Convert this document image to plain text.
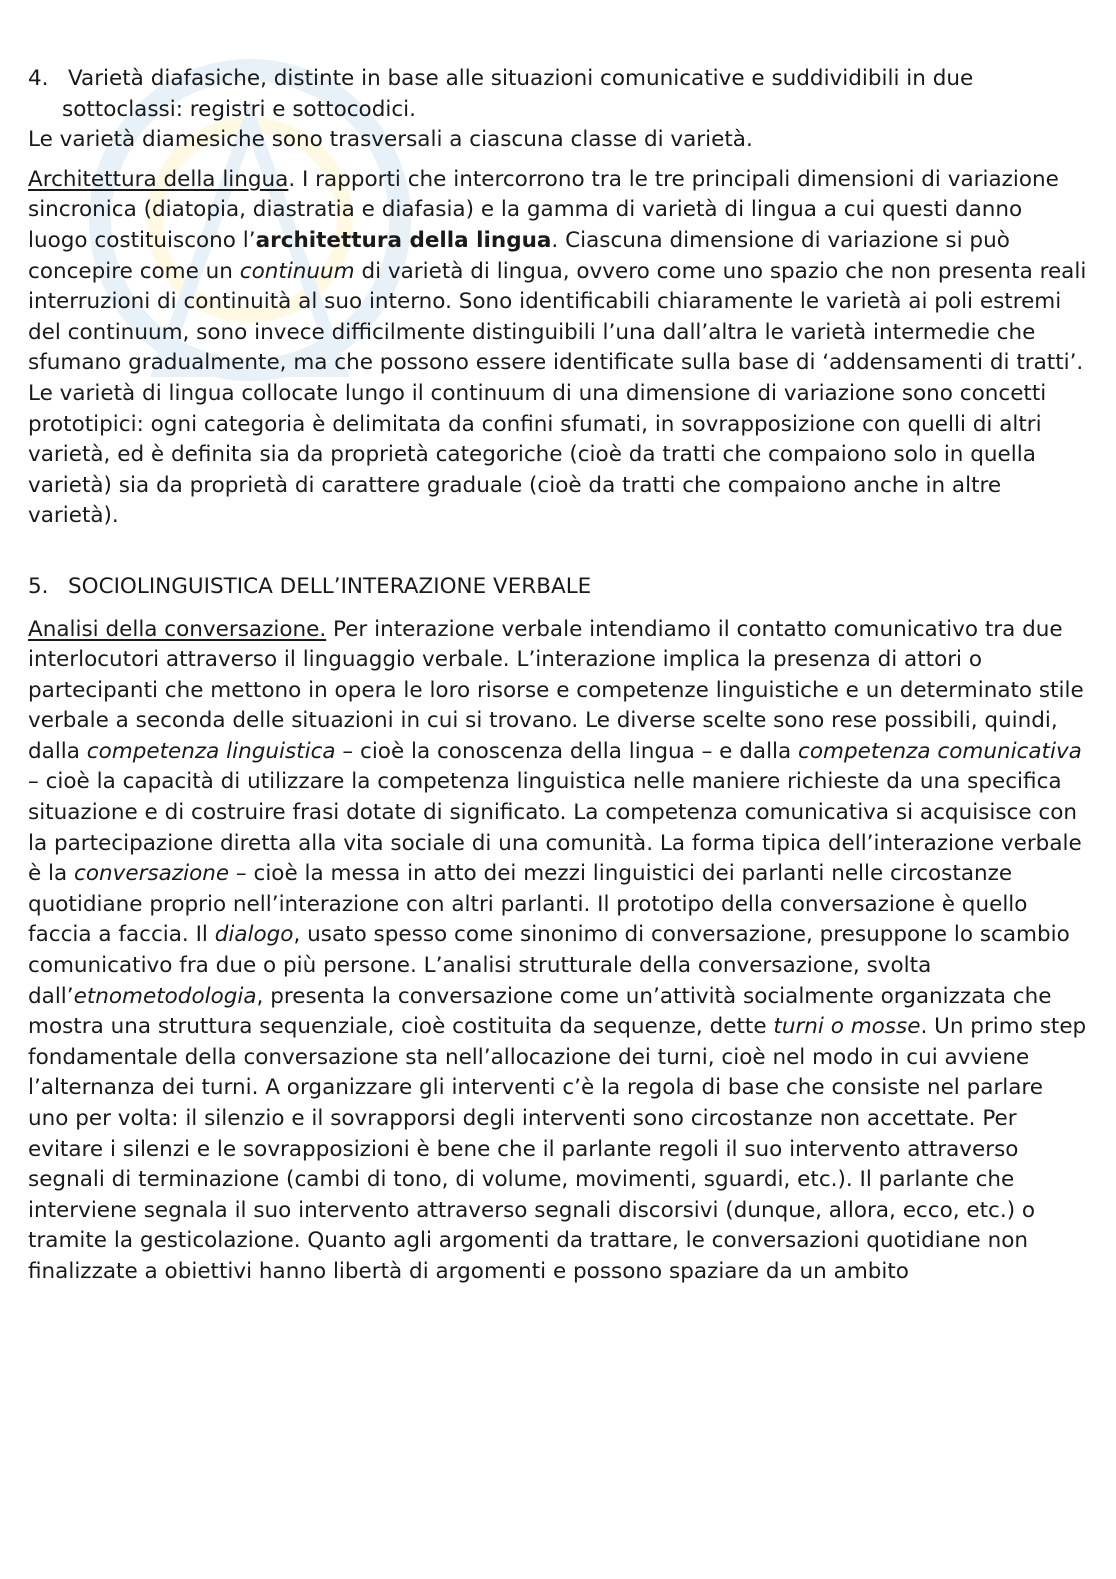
4. Varietà diafasiche, distinte in base alle situazioni comunicative e suddividibili in due sottoclassi: registri e sottocodici.

Le varietà diamesiche sono trasversali a ciascuna classe di varietà.

Architettura della lingua. I rapporti che intercorrono tra le tre principali dimensioni di variazione sincronica (diatopia, diastratia e diafasia) e la gamma di varietà di lingua a cui questi danno luogo costituiscono l’architettura della lingua. Ciascuna dimensione di variazione si può concepire come un continuum di varietà di lingua, ovvero come uno spazio che non presenta reali interruzioni di continuità al suo interno. Sono identificabili chiaramente le varietà ai poli estremi del continuum, sono invece difficilmente distinguibili l’una dall’altra le varietà intermedie che sfumano gradualmente, ma che possono essere identificate sulla base di ‘addensamenti di tratti’.

Le varietà di lingua collocate lungo il continuum di una dimensione di variazione sono concetti prototipici: ogni categoria è delimitata da confini sfumati, in sovrapposizione con quelli di altri varietà, ed è definita sia da proprietà categoriche (cioè da tratti che compaiono solo in quella varietà) sia da proprietà di carattere graduale (cioè da tratti che compaiono anche in altre varietà).

5. SOCIOLINGUISTICA DELL’INTERAZIONE VERBALE

Analisi della conversazione. Per interazione verbale intendiamo il contatto comunicativo tra due interlocutori attraverso il linguaggio verbale. L’interazione implica la presenza di attori o partecipanti che mettono in opera le loro risorse e competenze linguistiche e un determinato stile verbale a seconda delle situazioni in cui si trovano. Le diverse scelte sono rese possibili, quindi, dalla competenza linguistica – cioè la conoscenza della lingua – e dalla competenza comunicativa – cioè la capacità di utilizzare la competenza linguistica nelle maniere richieste da una specifica situazione e di costruire frasi dotate di significato. La competenza comunicativa si acquisisce con la partecipazione diretta alla vita sociale di una comunità. La forma tipica dell’interazione verbale è la conversazione – cioè la messa in atto dei mezzi linguistici dei parlanti nelle circostanze quotidiane proprio nell’interazione con altri parlanti. Il prototipo della conversazione è quello faccia a faccia. Il dialogo, usato spesso come sinonimo di conversazione, presuppone lo scambio comunicativo fra due o più persone. L’analisi strutturale della conversazione, svolta dall’etnometodologia, presenta la conversazione come un’attività socialmente organizzata che mostra una struttura sequenziale, cioè costituita da sequenze, dette turni o mosse. Un primo step fondamentale della conversazione sta nell’allocazione dei turni, cioè nel modo in cui avviene l’alternanza dei turni. A organizzare gli interventi c’è la regola di base che consiste nel parlare uno per volta: il silenzio e il sovrapporsi degli interventi sono circostanze non accettate. Per evitare i silenzi e le sovrapposizioni è bene che il parlante regoli il suo intervento attraverso segnali di terminazione (cambi di tono, di volume, movimenti, sguardi, etc.). Il parlante che interviene segnala il suo intervento attraverso segnali discorsivi (dunque, allora, ecco, etc.) o tramite la gesticolazione. Quanto agli argomenti da trattare, le conversazioni quotidiane non finalizzate a obiettivi hanno libertà di argomenti e possono spaziare da un ambito
